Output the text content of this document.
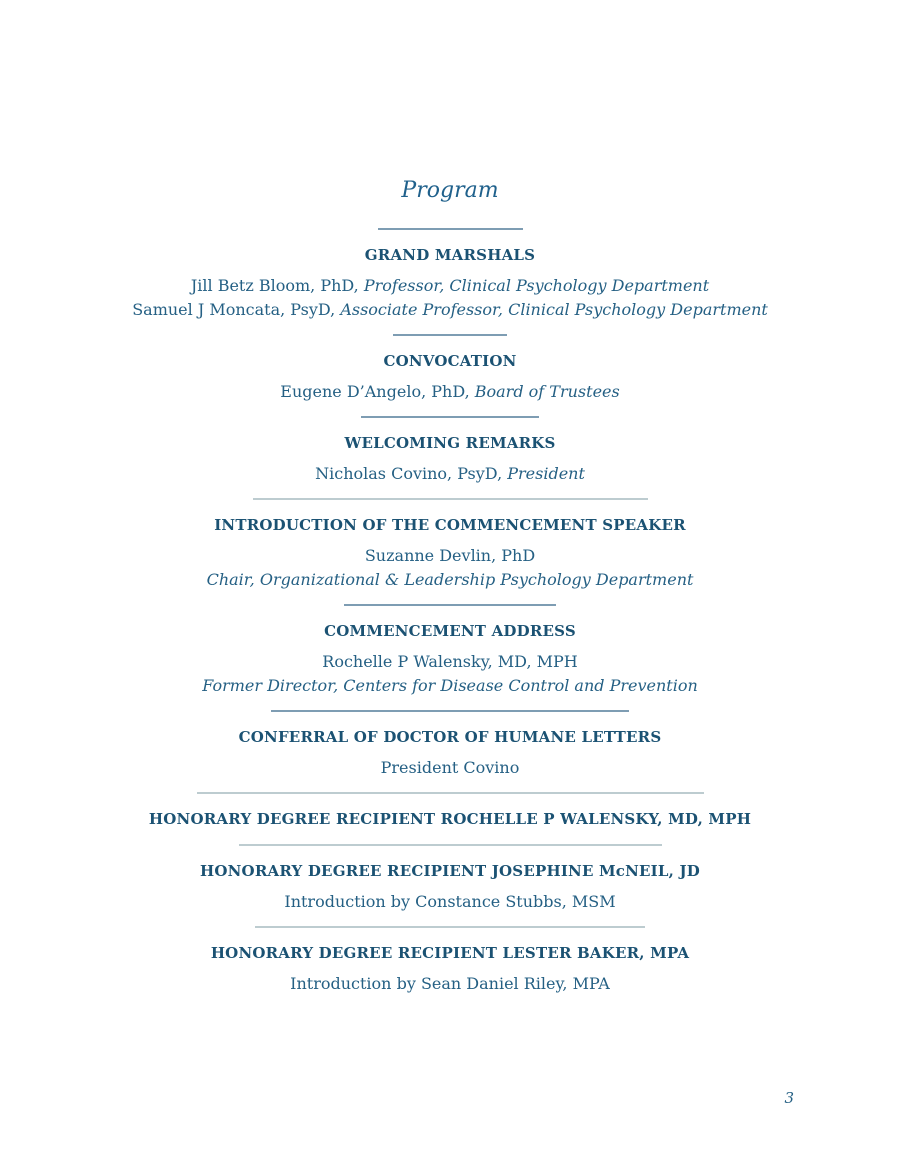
Program
GRAND MARSHALS

Jill Betz Bloom, PhD, Professor, Clinical Psychology Department

Samuel J Moncata, PsyD, Associate Professor, Clinical Psychology Department

CONVOCATION

Eugene D’Angelo, PhD, Board of Trustees

WELCOMING REMARKS

Nicholas Covino, PsyD, President

INTRODUCTION OF THE COMMENCEMENT SPEAKER

Suzanne Devlin, PhD

Chair, Organizational & Leadership Psychology Department

COMMENCEMENT ADDRESS

Rochelle P Walensky, MD, MPH

Former Director, Centers for Disease Control and Prevention

CONFERRAL OF DOCTOR OF HUMANE LETTERS

President Covino

HONORARY DEGREE RECIPIENT ROCHELLE P WALENSKY, MD, MPH
HONORARY DEGREE RECIPIENT JOSEPHINE McNEIL, JD

Introduction by Constance Stubbs, MSM

HONORARY DEGREE RECIPIENT LESTER BAKER, MPA

Introduction by Sean Daniel Riley, MPA

3
